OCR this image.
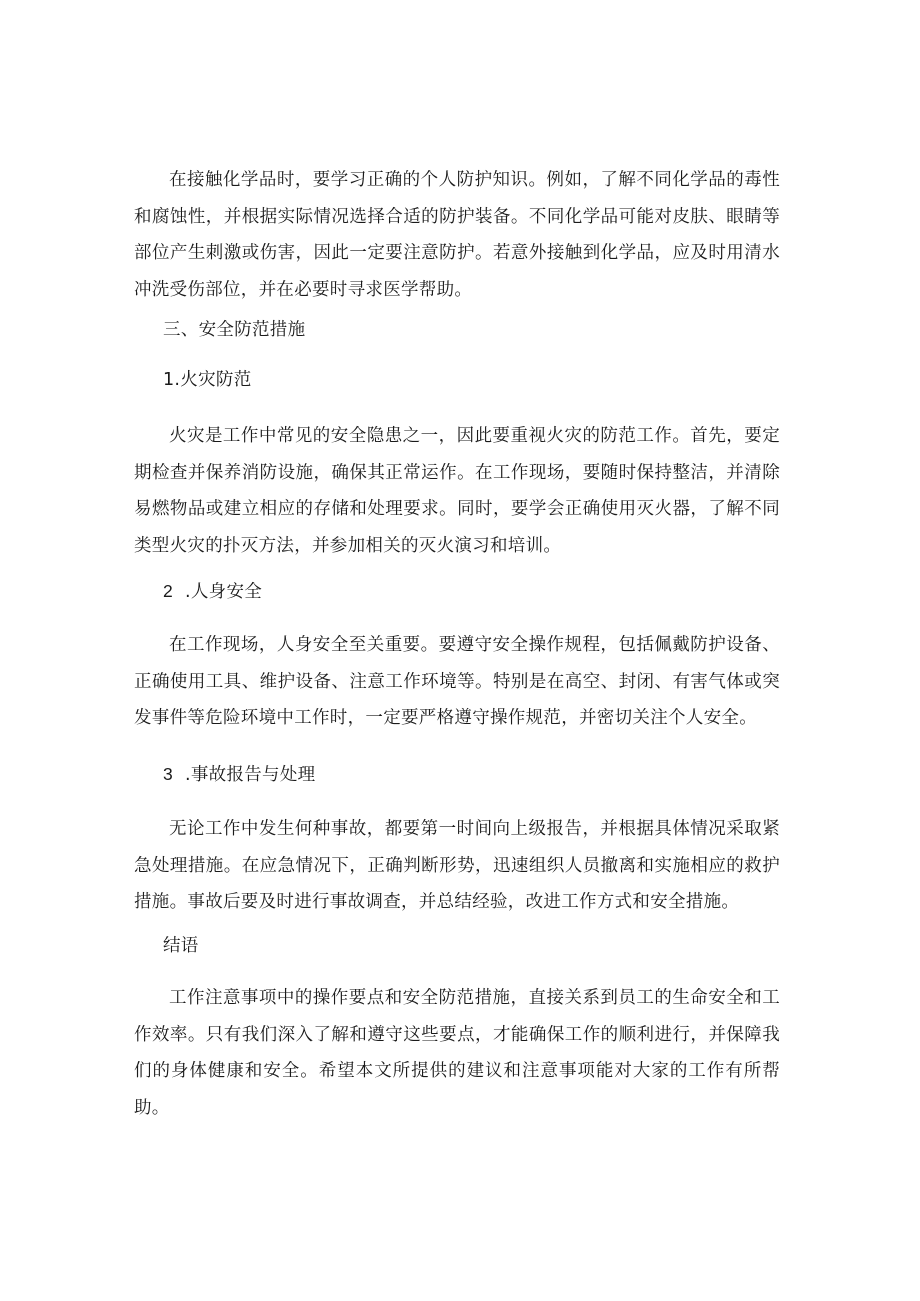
在接触化学品时，要学习正确的个人防护知识。例如，了解不同化学品的毒性和腐蚀性，并根据实际情况选择合适的防护装备。不同化学品可能对皮肤、眼睛等部位产生刺激或伤害，因此一定要注意防护。若意外接触到化学品，应及时用清水冲洗受伤部位，并在必要时寻求医学帮助。

三、安全防范措施
1.火灾防范

火灾是工作中常见的安全隐患之一，因此要重视火灾的防范工作。首先，要定期检查并保养消防设施，确保其正常运作。在工作现场，要随时保持整洁，并清除易燃物品或建立相应的存储和处理要求。同时，要学会正确使用灭火器，了解不同类型火灾的扑灭方法，并参加相关的灭火演习和培训。

2 .人身安全

在工作现场，人身安全至关重要。要遵守安全操作规程，包括佩戴防护设备、正确使用工具、维护设备、注意工作环境等。特别是在高空、封闭、有害气体或突发事件等危险环境中工作时，一定要严格遵守操作规范，并密切关注个人安全。

3 .事故报告与处理

无论工作中发生何种事故，都要第一时间向上级报告，并根据具体情况采取紧急处理措施。在应急情况下，正确判断形势，迅速组织人员撤离和实施相应的救护措施。事故后要及时进行事故调查，并总结经验，改进工作方式和安全措施。

结语

工作注意事项中的操作要点和安全防范措施，直接关系到员工的生命安全和工作效率。只有我们深入了解和遵守这些要点，才能确保工作的顺利进行，并保障我们的身体健康和安全。希望本文所提供的建议和注意事项能对大家的工作有所帮助。
